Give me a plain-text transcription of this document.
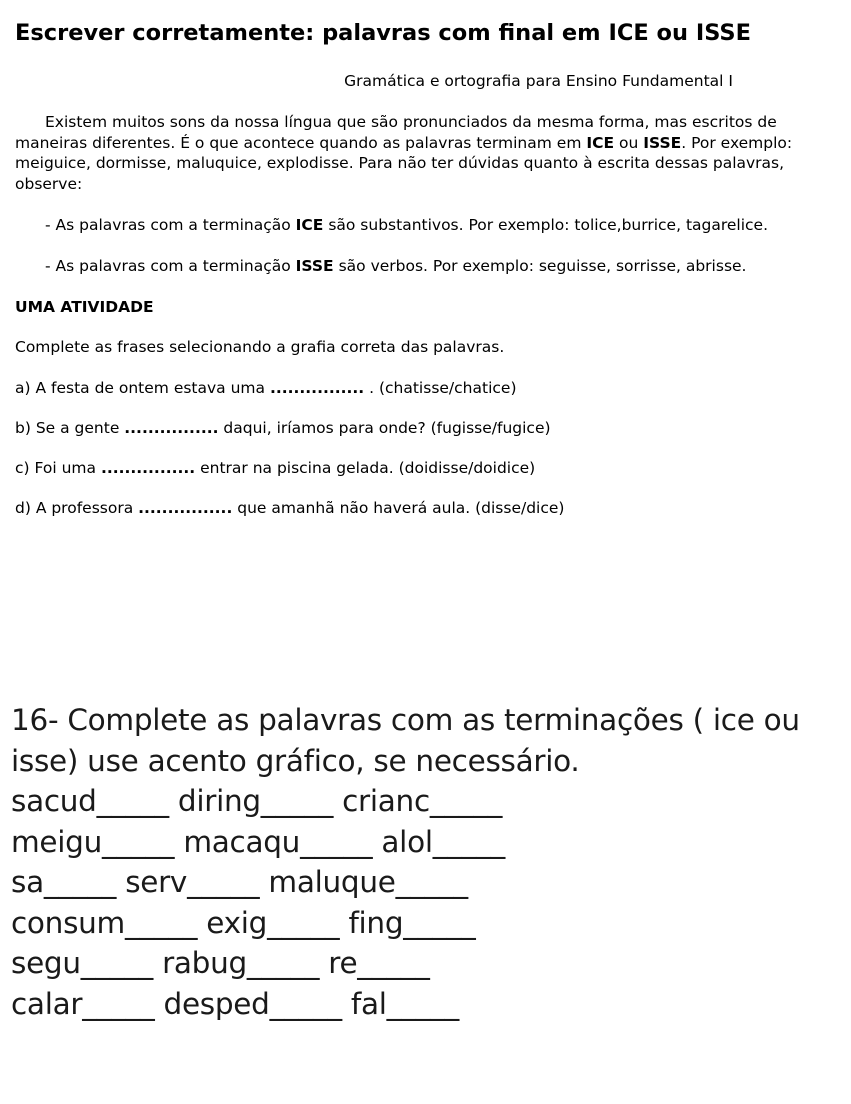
Escrever corretamente: palavras com final em ICE ou ISSE
Gramática e ortografia para Ensino Fundamental I

Existem muitos sons da nossa língua que são pronunciados da mesma forma, mas escritos de maneiras diferentes. É o que acontece quando as palavras terminam em ICE ou ISSE. Por exemplo: meiguice, dormisse, maluquice, explodisse. Para não ter dúvidas quanto à escrita dessas palavras, observe:

- As palavras com a terminação ICE são substantivos. Por exemplo: tolice,burrice, tagarelice.

- As palavras com a terminação ISSE são verbos. Por exemplo: seguisse, sorrisse, abrisse.

UMA ATIVIDADE

Complete as frases selecionando a grafia correta das palavras.

a) A festa de ontem estava uma ................ . (chatisse/chatice)
b) Se a gente ................ daqui, iríamos para onde? (fugisse/fugice)
c) Foi uma ................ entrar na piscina gelada. (doidisse/doidice)
d) A professora ................ que amanhã não haverá aula. (disse/dice)
16- Complete as palavras com as terminações ( ice ou
isse) use acento gráfico, se necessário.
sacud_____ diring_____ crianc_____
meigu_____ macaqu_____ alol_____
sa_____ serv_____ maluque_____
consum_____ exig_____ fing_____
segu_____ rabug_____ re_____
calar_____ desped_____ fal_____
